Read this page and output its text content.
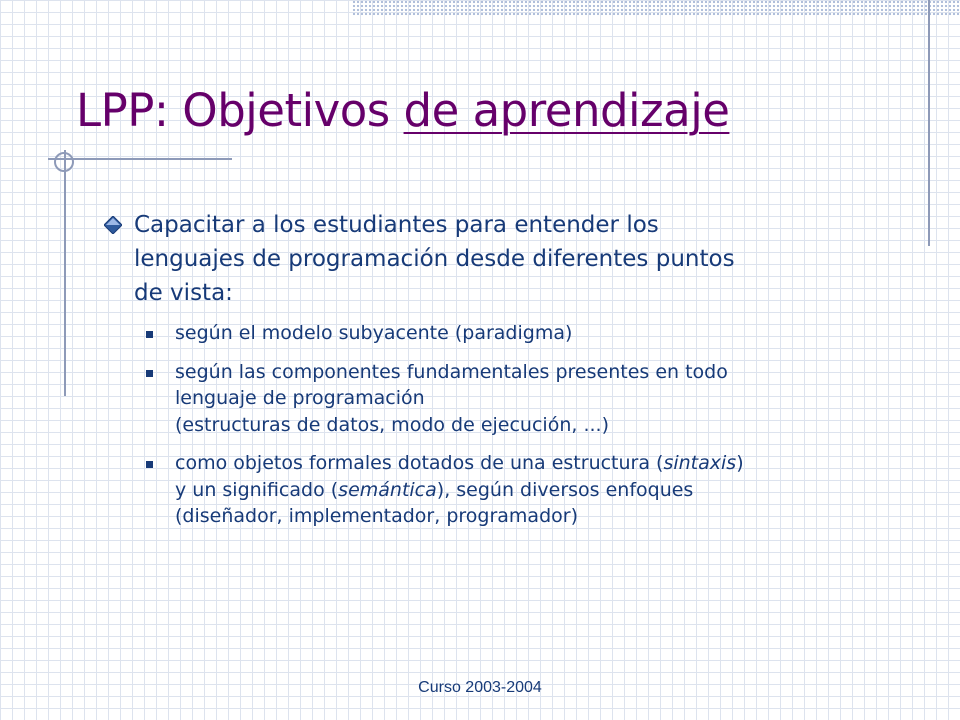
LPP: Objetivos de aprendizaje
Capacitar a los estudiantes para entender los
lenguajes de programación desde diferentes puntos
de vista:
según el modelo subyacente (paradigma)
según las componentes fundamentales presentes en todo
lenguaje de programación
(estructuras de datos, modo de ejecución, ...)
como objetos formales dotados de una estructura (sintaxis)
y un significado (semántica), según diversos enfoques
(diseñador, implementador, programador)
Curso 2003-2004
